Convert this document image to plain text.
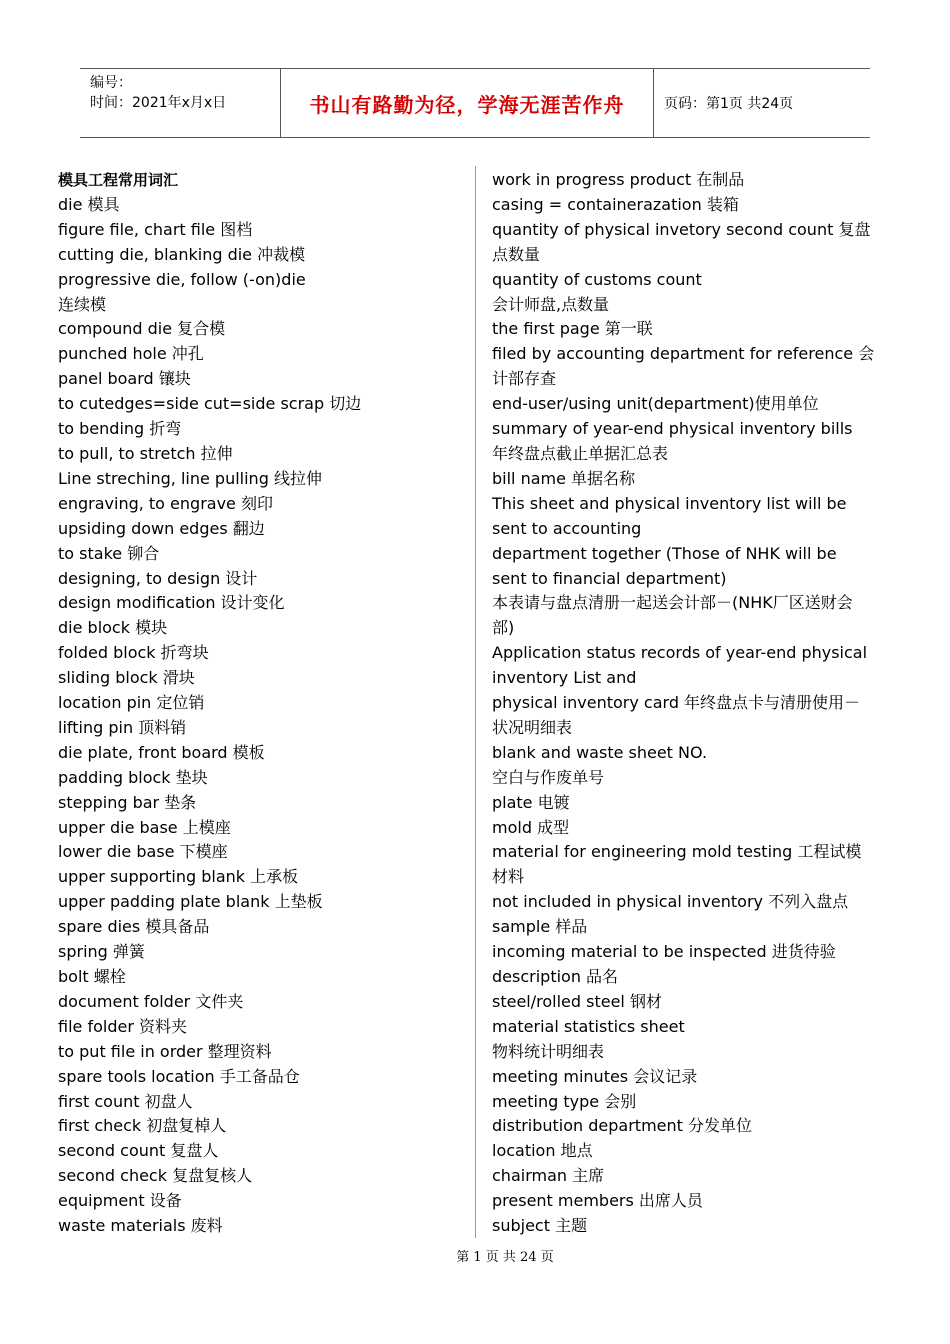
编号：
时间：2021年x月x日	书山有路勤为径，学海无涯苦作舟	页码：第1页 共24页
模具工程常用词汇
die 模具
figure file, chart file 图档
cutting die, blanking die 冲裁模
progressive die, follow (-on)die
连续模
compound die 复合模
punched hole 冲孔
panel board 镶块
to cutedges=side cut=side scrap 切边
to bending 折弯
to pull, to stretch 拉伸
Line streching, line pulling 线拉伸
engraving, to engrave 刻印
upsiding down edges 翻边
to stake 铆合
designing, to design 设计
design modification 设计变化
die block 模块
folded block 折弯块
sliding block 滑块
location pin 定位销
lifting pin 顶料销
die plate, front board 模板
padding block 垫块
stepping bar 垫条
upper die base 上模座
lower die base 下模座
upper supporting blank 上承板
upper padding plate blank 上垫板
spare dies 模具备品
spring 弹簧
bolt 螺栓
document folder 文件夹
file folder 资料夹
to put file in order 整理资料
spare tools location 手工备品仓
first count 初盘人
first check 初盘复棹人
second count 复盘人
second check 复盘复核人
equipment 设备
waste materials 废料
work in progress product 在制品
casing = containerazation 装箱
quantity of physical invetory second count 复盘
点数量
quantity of customs count
会计师盘,点数量
the first page 第一联
filed by accounting department for reference 会
计部存查
end-user/using unit(department)使用单位
summary of year-end physical inventory bills
年终盘点截止单据汇总表
bill name 单据名称
This sheet and physical inventory list will be
sent to accounting
department together (Those of NHK will be
sent to financial department)
本表请与盘点清册一起送会计部－(NHK厂区送财会
部)
Application status records of year-end physical
inventory List and
physical inventory card 年终盘点卡与清册使用－
状况明细表
blank and waste sheet NO.
空白与作废单号
plate 电镀
mold 成型
material for engineering mold testing 工程试模
材料
not included in physical inventory 不列入盘点
sample 样品
incoming material to be inspected 进货待验
description 品名
steel/rolled steel 钢材
material statistics sheet
物料统计明细表
meeting minutes 会议记录
meeting type 会别
distribution department 分发单位
location 地点
chairman 主席
present members 出席人员
subject 主题
第 1 页 共 24 页
